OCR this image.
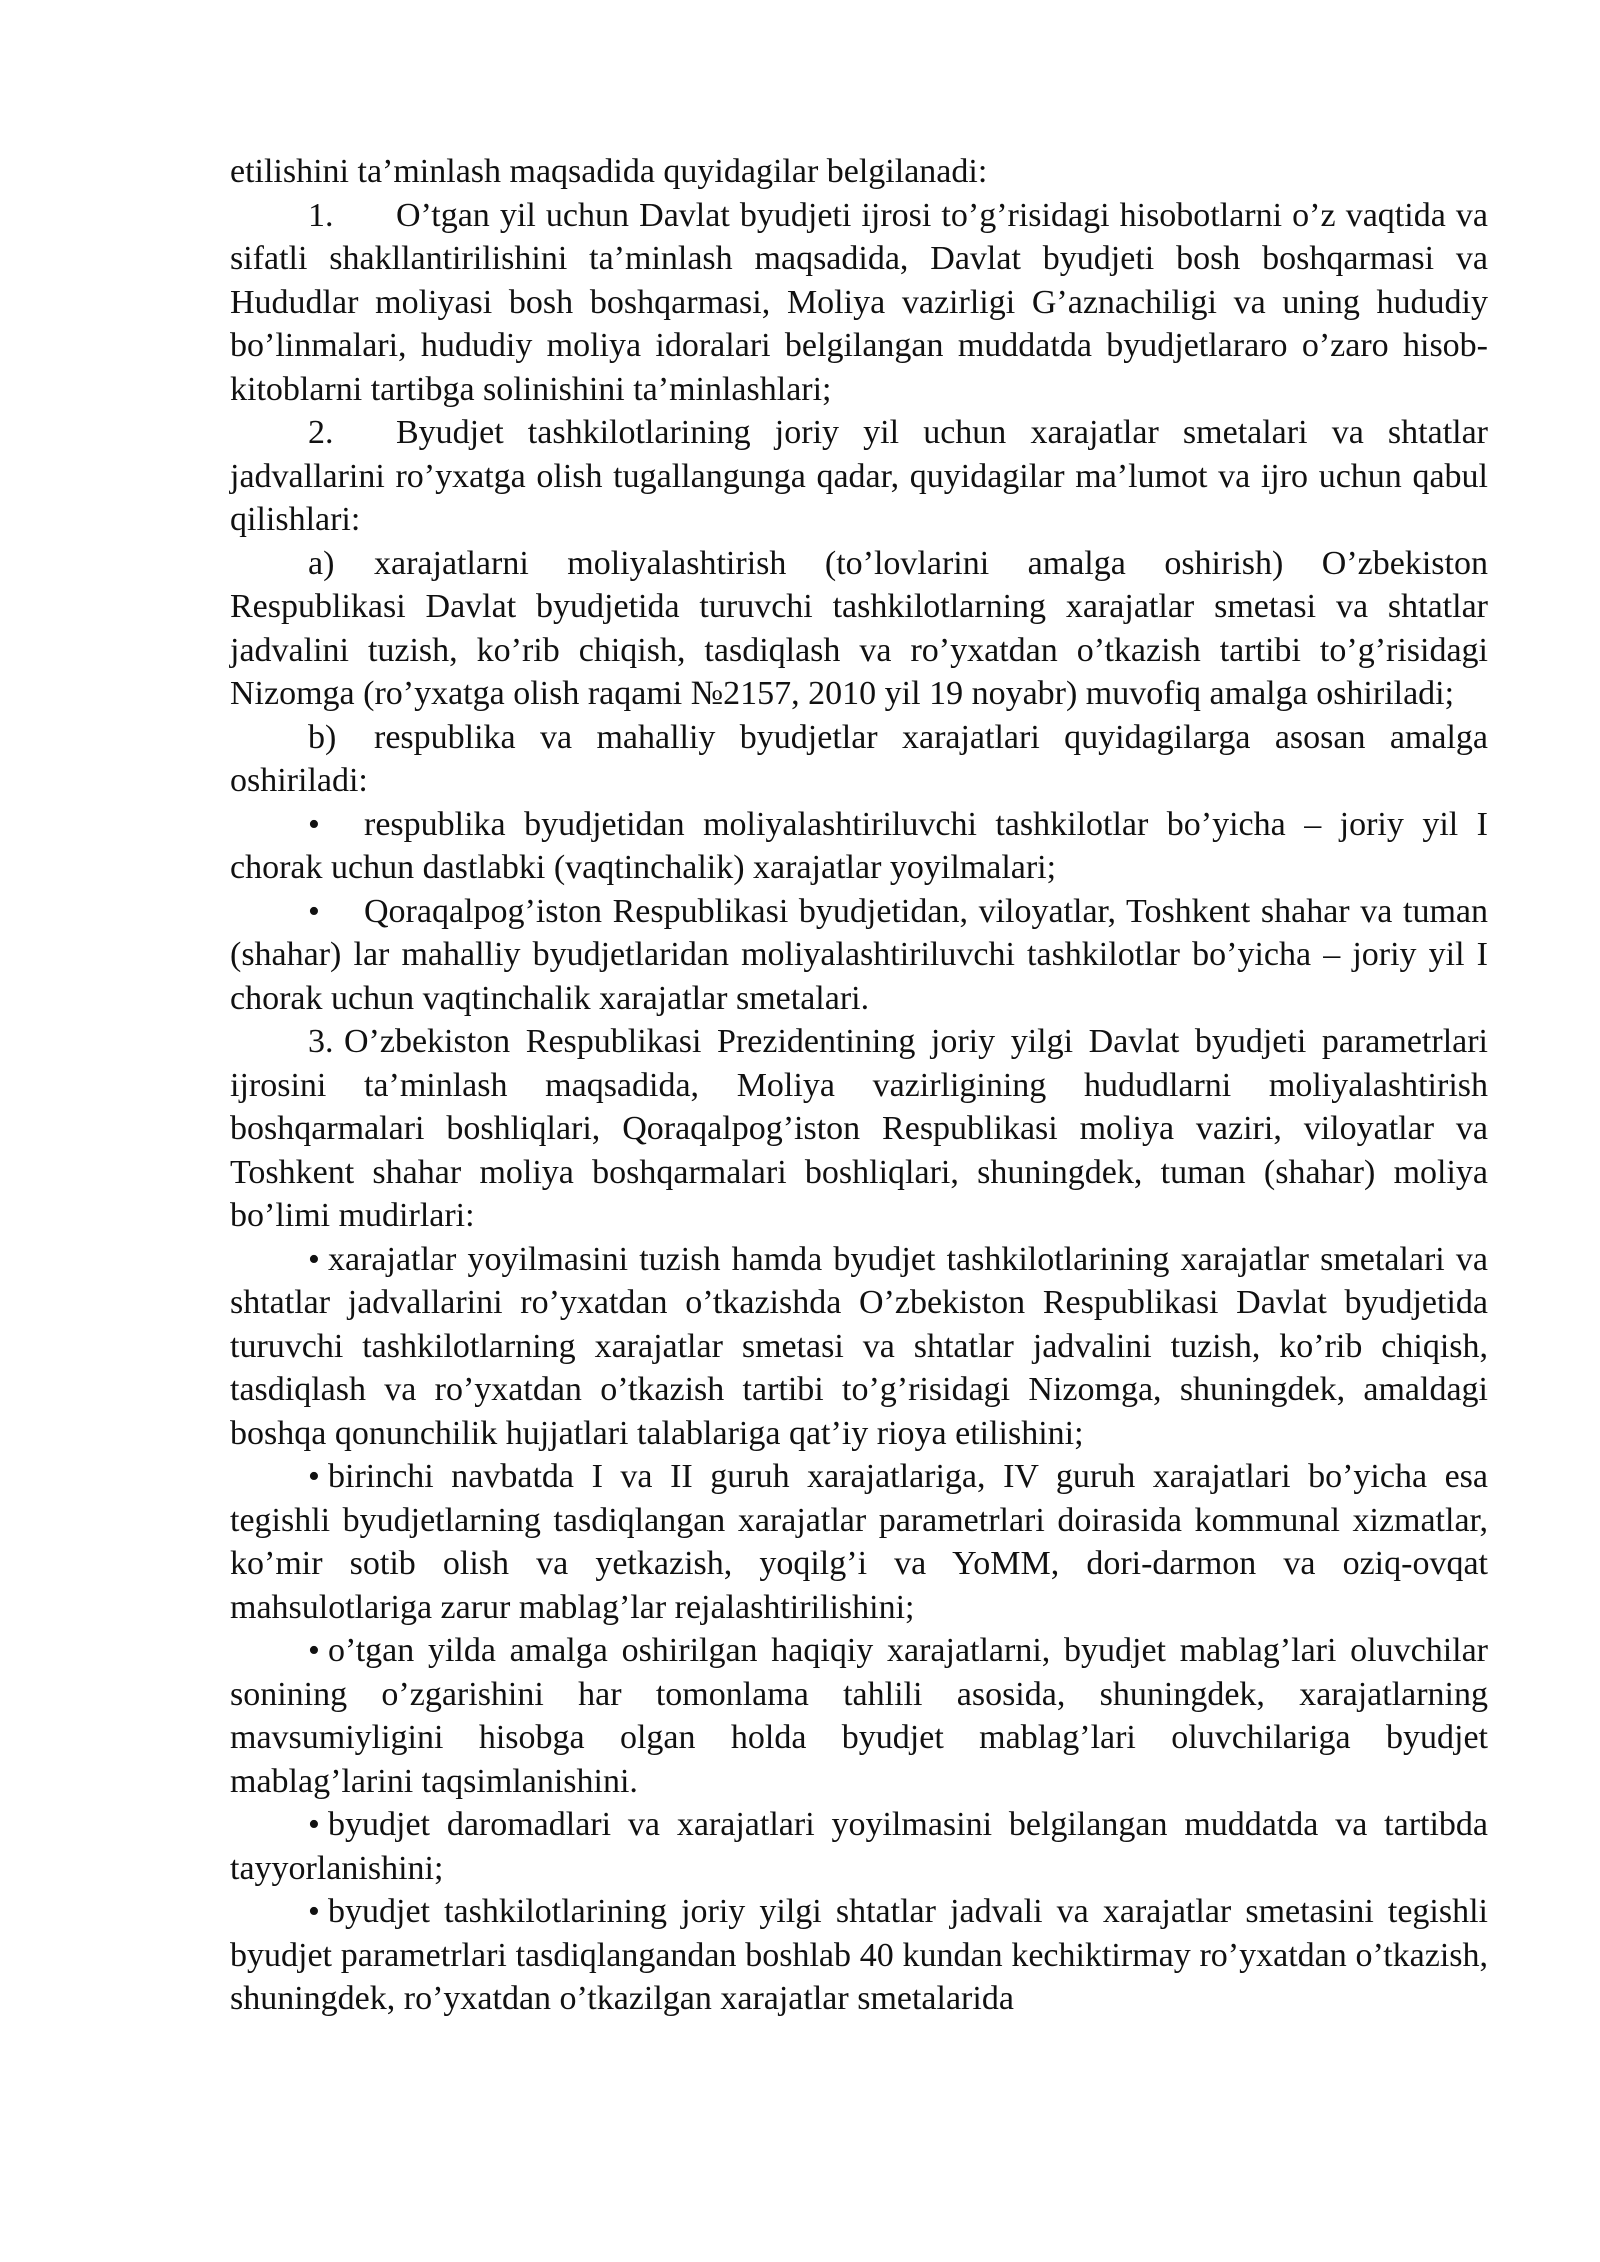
etilishini ta’minlash maqsadida quyidagilar belgilanadi:

1. O’tgan yil uchun Davlat byudjeti ijrosi to’g’risidagi hisobotlarni o’z vaqtida va sifatli shakllantirilishini ta’minlash maqsadida, Davlat byudjeti bosh boshqarmasi va Hududlar moliyasi bosh boshqarmasi, Moliya vazirligi G’aznachiligi va uning hududiy bo’linmalari, hududiy moliya idoralari belgilangan muddatda byudjetlararo o’zaro hisob-kitoblarni tartibga solinishini ta’minlashlari;

2. Byudjet tashkilotlarining joriy yil uchun xarajatlar smetalari va shtatlar jadvallarini ro’yxatga olish tugallangunga qadar, quyidagilar ma’lumot va ijro uchun qabul qilishlari:

a) xarajatlarni moliyalashtirish (to’lovlarini amalga oshirish) O’zbekiston Respublikasi Davlat byudjetida turuvchi tashkilotlarning xarajatlar smetasi va shtatlar jadvalini tuzish, ko’rib chiqish, tasdiqlash va ro’yxatdan o’tkazish tartibi to’g’risidagi Nizomga (ro’yxatga olish raqami №2157, 2010 yil 19 noyabr) muvofiq amalga oshiriladi;

b) respublika va mahalliy byudjetlar xarajatlari quyidagilarga asosan amalga oshiriladi:

• respublika byudjetidan moliyalashtiriluvchi tashkilotlar bo’yicha – joriy yil I chorak uchun dastlabki (vaqtinchalik) xarajatlar yoyilmalari;

• Qoraqalpog’iston Respublikasi byudjetidan, viloyatlar, Toshkent shahar va tuman (shahar) lar mahalliy byudjetlaridan moliyalashtiriluvchi tashkilotlar bo’yicha – joriy yil I chorak uchun vaqtinchalik xarajatlar smetalari.

3. O’zbekiston Respublikasi Prezidentining joriy yilgi Davlat byudjeti parametrlari ijrosini ta’minlash maqsadida, Moliya vazirligining hududlarni moliyalashtirish boshqarmalari boshliqlari, Qoraqalpog’iston Respublikasi moliya vaziri, viloyatlar va Toshkent shahar moliya boshqarmalari boshliqlari, shuningdek, tuman (shahar) moliya bo’limi mudirlari:

• xarajatlar yoyilmasini tuzish hamda byudjet tashkilotlarining xarajatlar smetalari va shtatlar jadvallarini ro’yxatdan o’tkazishda O’zbekiston Respublikasi Davlat byudjetida turuvchi tashkilotlarning xarajatlar smetasi va shtatlar jadvalini tuzish, ko’rib chiqish, tasdiqlash va ro’yxatdan o’tkazish tartibi to’g’risidagi Nizomga, shuningdek, amaldagi boshqa qonunchilik hujjatlari talablariga qat’iy rioya etilishini;

• birinchi navbatda I va II guruh xarajatlariga, IV guruh xarajatlari bo’yicha esa tegishli byudjetlarning tasdiqlangan xarajatlar parametrlari doirasida kommunal xizmatlar, ko’mir sotib olish va yetkazish, yoqilg’i va YoMM, dori-darmon va oziq-ovqat mahsulotlariga zarur mablag’lar rejalashtirilishini;

• o’tgan yilda amalga oshirilgan haqiqiy xarajatlarni, byudjet mablag’lari oluvchilar sonining o’zgarishini har tomonlama tahlili asosida, shuningdek, xarajatlarning mavsumiyligini hisobga olgan holda byudjet mablag’lari oluvchilariga byudjet mablag’larini taqsimlanishini.

• byudjet daromadlari va xarajatlari yoyilmasini belgilangan muddatda va tartibda tayyorlanishini;

• byudjet tashkilotlarining joriy yilgi shtatlar jadvali va xarajatlar smetasini tegishli byudjet parametrlari tasdiqlangandan boshlab 40 kundan kechiktirmay ro’yxatdan o’tkazish, shuningdek, ro’yxatdan o’tkazilgan xarajatlar smetalarida
